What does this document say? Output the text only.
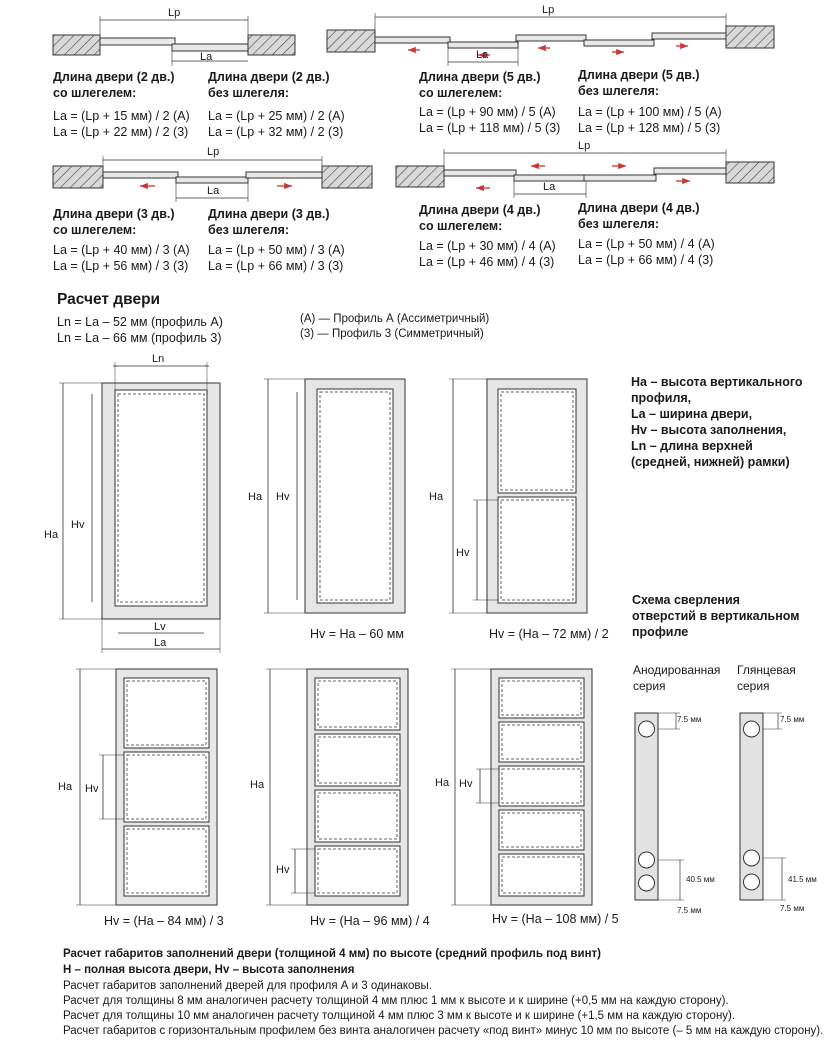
Lp
La
Lp
La
Lp
La
Lp
La
Длина двери (2 дв.)
со шлегелем:
La = (Lp + 15 мм) / 2 (A)
La = (Lp + 22 мм) / 2 (3)
Длина двери (2 дв.)
без шлегеля:
La = (Lp + 25 мм) / 2 (A)
La = (Lp + 32 мм) / 2 (3)
Длина двери (5 дв.)
со шлегелем:
La = (Lp + 90 мм) / 5 (A)
La = (Lp + 118 мм) / 5 (3)
Длина двери (5 дв.)
без шлегеля:
La = (Lp + 100 мм) / 5 (A)
La = (Lp + 128 мм) / 5 (3)
Длина двери (3 дв.)
со шлегелем:
La = (Lp + 40 мм) / 3 (A)
La = (Lp + 56 мм) / 3 (3)
Длина двери (3 дв.)
без шлегеля:
La = (Lp + 50 мм) / 3 (A)
La = (Lp + 66 мм) / 3 (3)
Длина двери (4 дв.)
со шлегелем:
La = (Lp + 30 мм) / 4 (A)
La = (Lp + 46 мм) / 4 (3)
Длина двери (4 дв.)
без шлегеля:
La = (Lp + 50 мм) / 4 (A)
La = (Lp + 66 мм) / 4 (3)
Расчет двери
Ln = La – 52 мм (профиль А)
Ln = La – 66 мм (профиль 3)
(А) — Профиль А (Ассиметричный)
(3) — Профиль 3 (Симметричный)
Ln
Lv
La
Ha
Hv
Ha Hv	Ha
Hv
Ha Hv	Ha
Hv
Ha Hv
Hv = Ha – 60 мм	Hv = (Ha – 72 мм) / 2
Hv = (Ha – 84 мм) / 3	Hv = (Ha – 96 мм) / 4	Hv = (Ha – 108 мм) / 5
Ha – высота вертикального
профиля,
La – ширина двери,
Hv – высота заполнения,
Ln – длина верхней
(средней, нижней) рамки)
Схема сверления
отверстий в вертикальном
профиле
Анодированная
серия
Глянцевая
серия
7.5 мм
40.5 мм
7.5 мм
7.5 мм
41.5 мм
7.5 мм
Расчет габаритов заполнений двери (толщиной 4 мм) по высоте (средний профиль под винт)
H – полная высота двери, Hv – высота заполнения
Расчет габаритов заполнений дверей для профиля А и 3 одинаковы.
Расчет для толщины 8 мм аналогичен расчету толщиной 4 мм плюс 1 мм к высоте и к ширине (+0,5 мм на каждую сторону).
Расчет для толщины 10 мм аналогичен расчету толщиной 4 мм плюс 3 мм к высоте и к ширине (+1,5 мм на каждую сторону).
Расчет габаритов с горизонтальным профилем без винта аналогичен расчету «под винт» минус 10 мм по высоте (– 5 мм на каждую сторону).
